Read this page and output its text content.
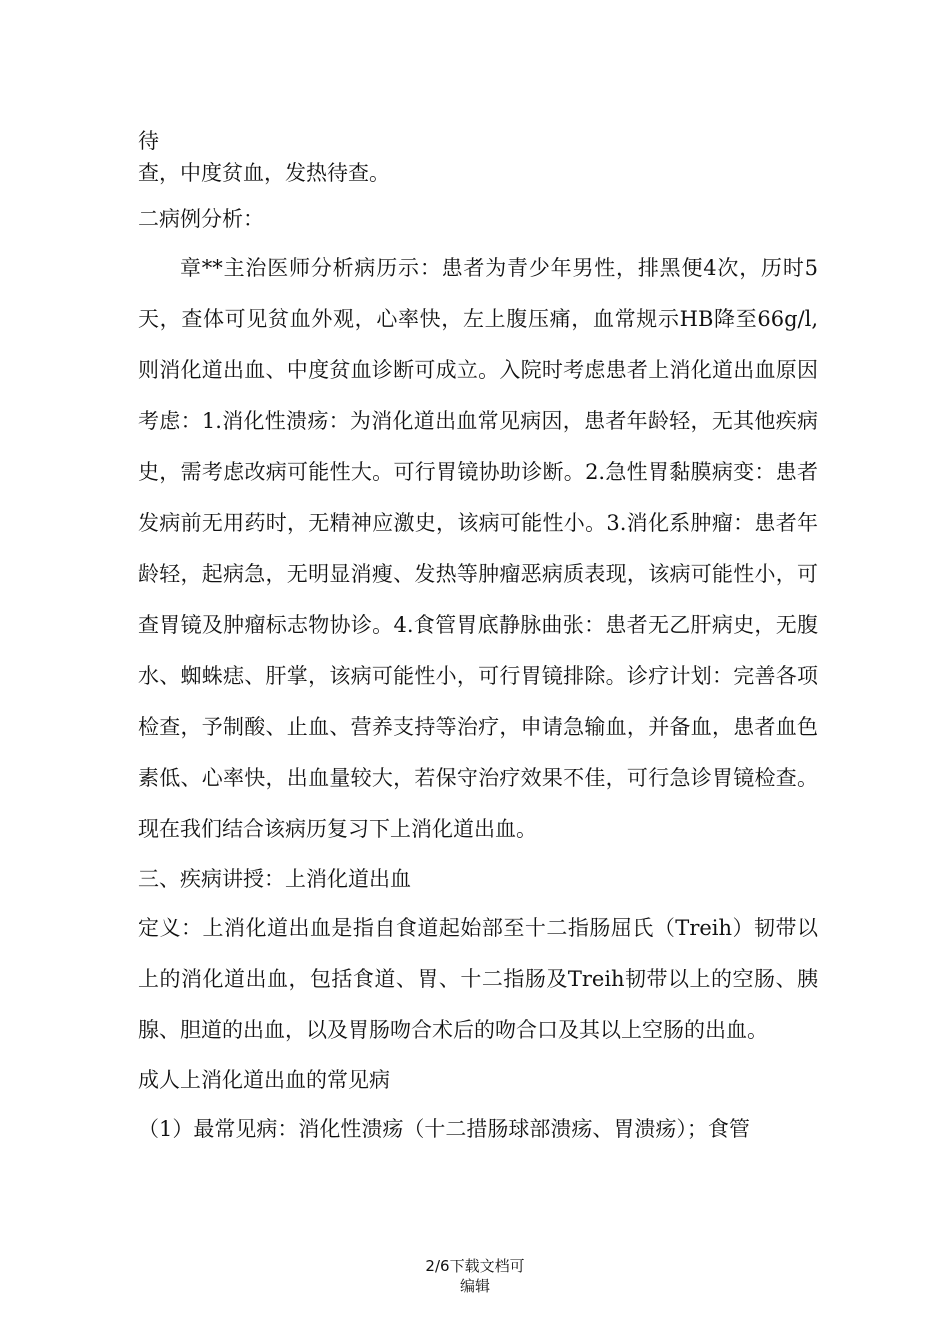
待

查，中度贫血，发热待查。

二病例分析：

章**主治医师分析病历示：患者为青少年男性，排黑便4次，历时5天，查体可见贫血外观，心率快，左上腹压痛，血常规示HB降至66g/l,则消化道出血、中度贫血诊断可成立。入院时考虑患者上消化道出血原因考虑：1.消化性溃疡：为消化道出血常见病因，患者年龄轻，无其他疾病史，需考虑改病可能性大。可行胃镜协助诊断。2.急性胃黏膜病变：患者发病前无用药时，无精神应激史，该病可能性小。3.消化系肿瘤：患者年龄轻，起病急，无明显消瘦、发热等肿瘤恶病质表现，该病可能性小，可查胃镜及肿瘤标志物协诊。4.食管胃底静脉曲张：患者无乙肝病史，无腹水、蜘蛛痣、肝掌，该病可能性小，可行胃镜排除。诊疗计划：完善各项检查，予制酸、止血、营养支持等治疗，申请急输血，并备血，患者血色素低、心率快，出血量较大，若保守治疗效果不佳，可行急诊胃镜检查。现在我们结合该病历复习下上消化道出血。

三、疾病讲授：上消化道出血

定义：上消化道出血是指自食道起始部至十二指肠屈氏（Treih）韧带以上的消化道出血，包括食道、胃、十二指肠及Treih韧带以上的空肠、胰腺、胆道的出血，以及胃肠吻合术后的吻合口及其以上空肠的出血。

成人上消化道出血的常见病

（1）最常见病：消化性溃疡（十二措肠球部溃疡、胃溃疡）；食管

2/6下载文档可
编辑
